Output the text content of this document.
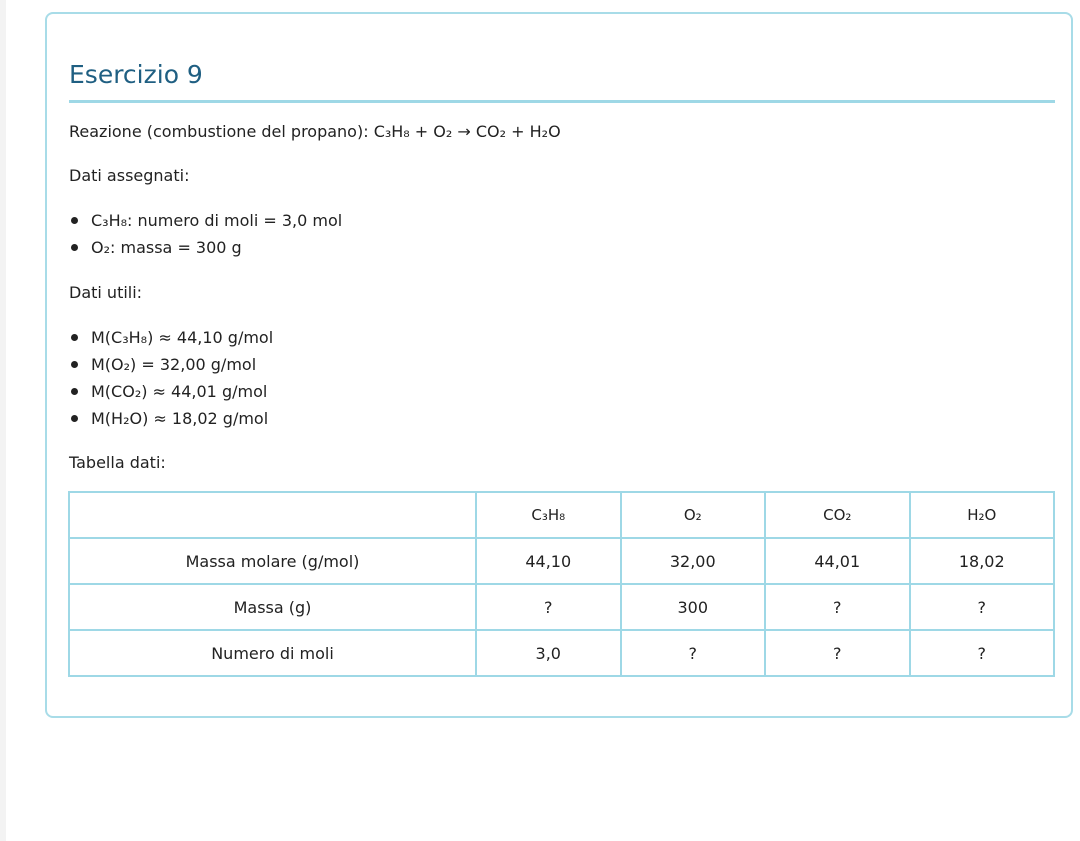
Esercizio 9

Reazione (combustione del propano): C₃H₈ + O₂ → CO₂ + H₂O

Dati assegnati:

C₃H₈: numero di moli = 3,0 mol
O₂: massa = 300 g

Dati utili:

M(C₃H₈) ≈ 44,10 g/mol
M(O₂) = 32,00 g/mol
M(CO₂) ≈ 44,01 g/mol
M(H₂O) ≈ 18,02 g/mol

Tabella dati:

	C₃H₈	O₂	CO₂	H₂O
Massa molare (g/mol)	44,10	32,00	44,01	18,02
Massa (g)	?	300	?	?
Numero di moli	3,0	?	?	?
